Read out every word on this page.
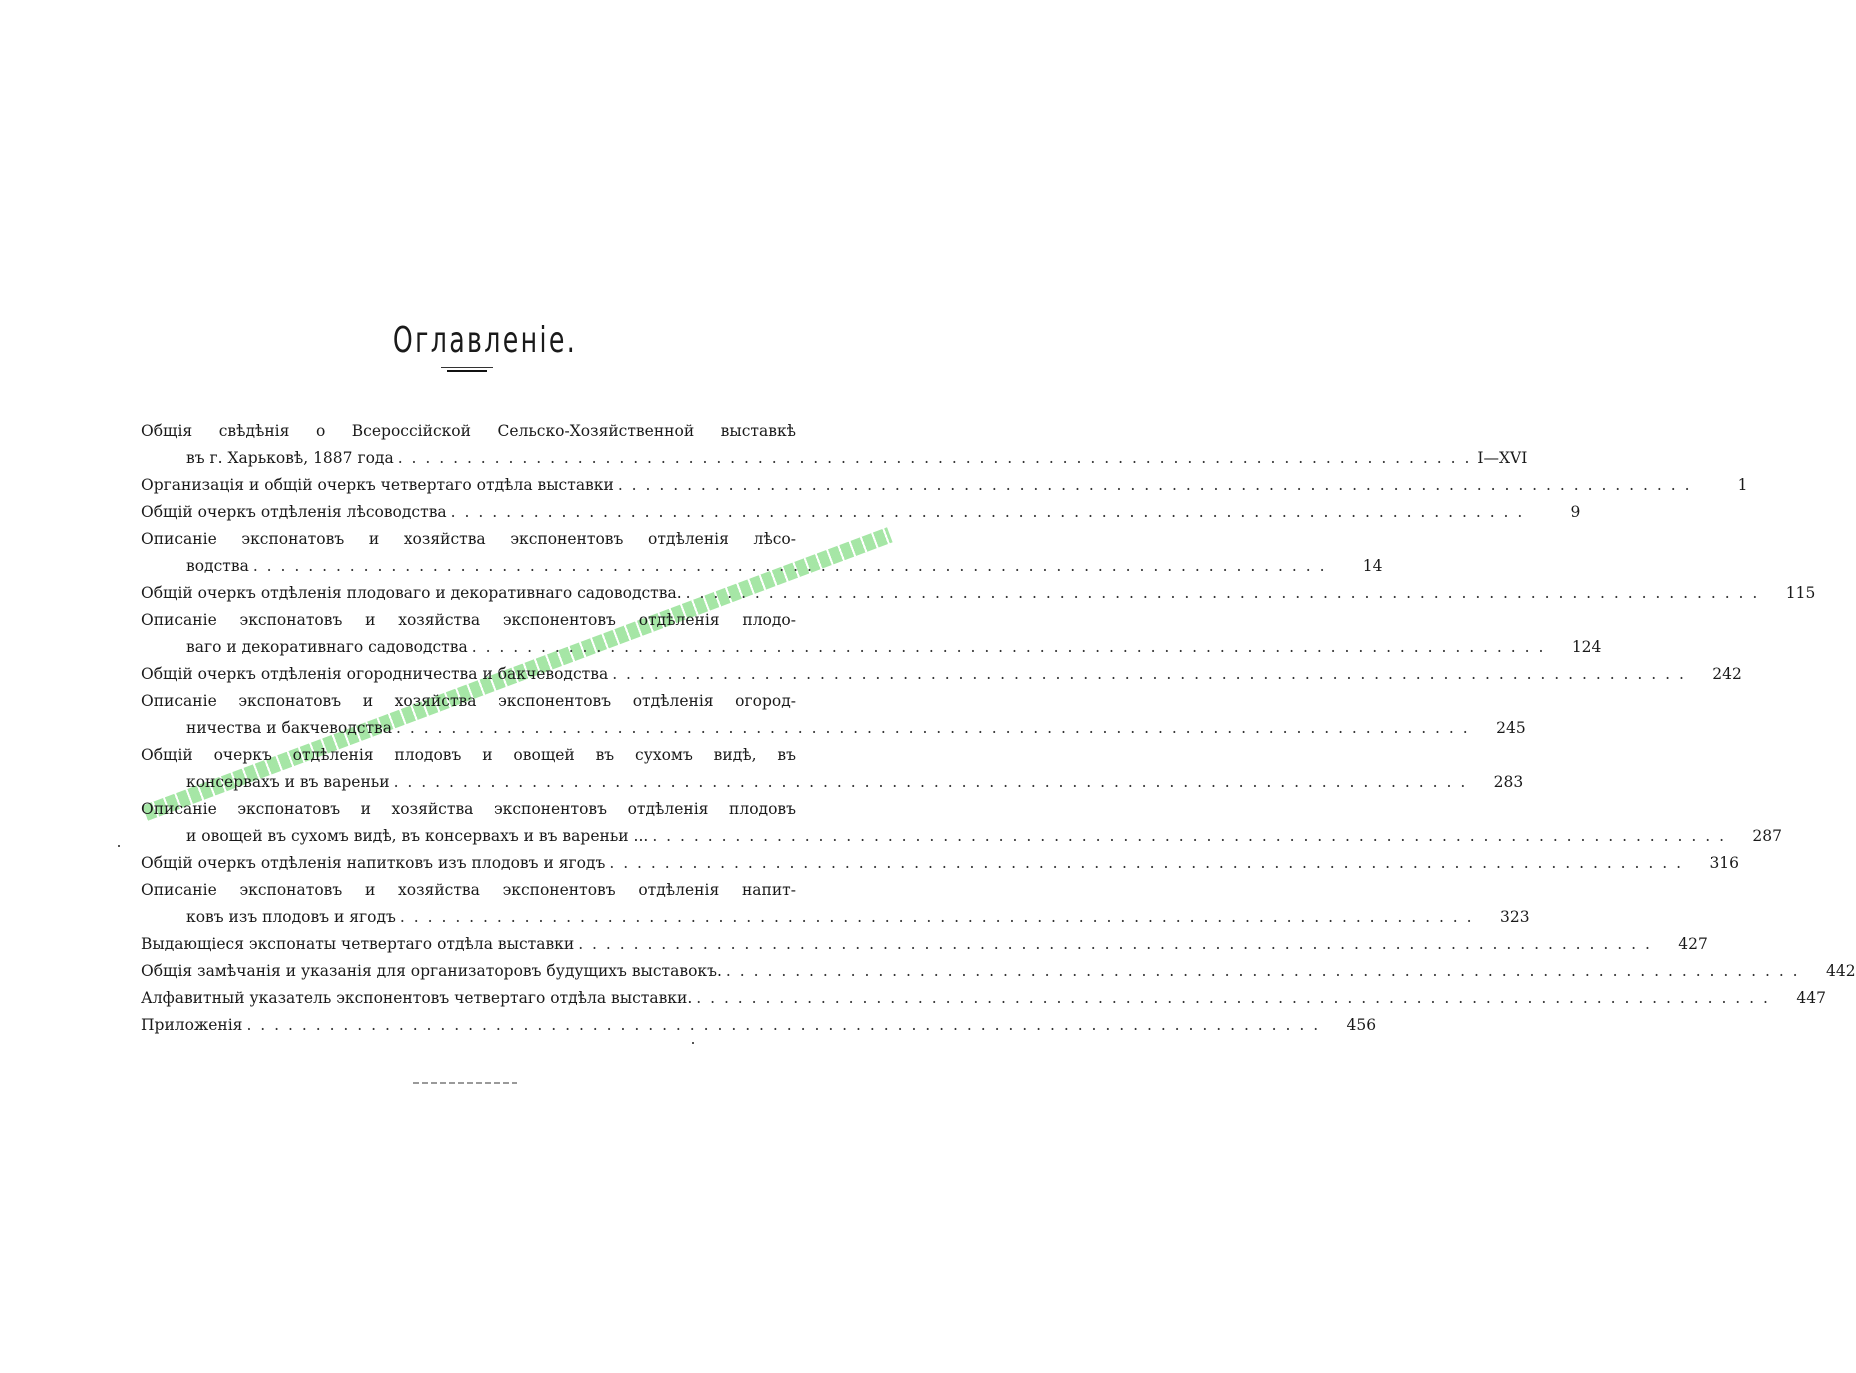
Оглавленіе.
Общія свѣдѣнія о Всероссійской Сельско-Хозяйственной выставкѣ
въ г. Харьковѣ, 1887 года . . . . . . . . . . . . . . . . . . . . . . . . . . . . . . . . . . . . . . . . . . . . . . . . . . . . . . . . . . . . . . . . . . . . . . . . . . . . . . I—XVI
Организація и общій очеркъ четвертаго отдѣла выставки . . . . . . . . . . . . . . . . . . . . . . . . . . . . . . . . . . . . . . . . . . . . . . . . . . . . . . . . . . . . . . . . . . . . . . . . . . . . . .	1
Общій очеркъ отдѣленія лѣсоводства . . . . . . . . . . . . . . . . . . . . . . . . . . . . . . . . . . . . . . . . . . . . . . . . . . . . . . . . . . . . . . . . . . . . . . . . . . . . . .	9
Описаніе экспонатовъ и хозяйства экспонентовъ отдѣленія лѣсо-
водства . . . . . . . . . . . . . . . . . . . . . . . . . . . . . . . . . . . . . . . . . . . . . . . . . . . . . . . . . . . . . . . . . . . . . . . . . . . . . .	14
Общій очеркъ отдѣленія плодоваго и декоративнаго садоводства. . . . . . . . . . . . . . . . . . . . . . . . . . . . . . . . . . . . . . . . . . . . . . . . . . . . . . . . . . . . . . . . . . . . . . . . . . . . . . .	115
Описаніе экспонатовъ и хозяйства экспонентовъ отдѣленія плодо-
ваго и декоративнаго садоводства . . . . . . . . . . . . . . . . . . . . . . . . . . . . . . . . . . . . . . . . . . . . . . . . . . . . . . . . . . . . . . . . . . . . . . . . . . . . . .	124
Общій очеркъ отдѣленія огородничества и бакчеводства . . . . . . . . . . . . . . . . . . . . . . . . . . . . . . . . . . . . . . . . . . . . . . . . . . . . . . . . . . . . . . . . . . . . . . . . . . . . . .	242
Описаніе экспонатовъ и хозяйства экспонентовъ отдѣленія огород-
ничества и бакчеводства . . . . . . . . . . . . . . . . . . . . . . . . . . . . . . . . . . . . . . . . . . . . . . . . . . . . . . . . . . . . . . . . . . . . . . . . . . . . . .	245
Общій очеркъ отдѣленія плодовъ и овощей въ сухомъ видѣ, въ
консервахъ и въ вареньи . . . . . . . . . . . . . . . . . . . . . . . . . . . . . . . . . . . . . . . . . . . . . . . . . . . . . . . . . . . . . . . . . . . . . . . . . . . . . .	283
Описаніе экспонатовъ и хозяйства экспонентовъ отдѣленія плодовъ
и овощей въ сухомъ видѣ, въ консервахъ и въ вареньи ... . . . . . . . . . . . . . . . . . . . . . . . . . . . . . . . . . . . . . . . . . . . . . . . . . . . . . . . . . . . . . . . . . . . . . . . . . . . . . .	287
Общій очеркъ отдѣленія напитковъ изъ плодовъ и ягодъ . . . . . . . . . . . . . . . . . . . . . . . . . . . . . . . . . . . . . . . . . . . . . . . . . . . . . . . . . . . . . . . . . . . . . . . . . . . . . .	316
Описаніе экспонатовъ и хозяйства экспонентовъ отдѣленія напит-
ковъ изъ плодовъ и ягодъ . . . . . . . . . . . . . . . . . . . . . . . . . . . . . . . . . . . . . . . . . . . . . . . . . . . . . . . . . . . . . . . . . . . . . . . . . . . . . .	323
Выдающіеся экспонаты четвертаго отдѣла выставки . . . . . . . . . . . . . . . . . . . . . . . . . . . . . . . . . . . . . . . . . . . . . . . . . . . . . . . . . . . . . . . . . . . . . . . . . . . . . .	427
Общія замѣчанія и указанія для организаторовъ будущихъ выставокъ. . . . . . . . . . . . . . . . . . . . . . . . . . . . . . . . . . . . . . . . . . . . . . . . . . . . . . . . . . . . . . . . . . . . . . . . . . . . . . .	442
Алфавитный указатель экспонентовъ четвертаго отдѣла выставки. . . . . . . . . . . . . . . . . . . . . . . . . . . . . . . . . . . . . . . . . . . . . . . . . . . . . . . . . . . . . . . . . . . . . . . . . . . . . . .	447
Приложенія . . . . . . . . . . . . . . . . . . . . . . . . . . . . . . . . . . . . . . . . . . . . . . . . . . . . . . . . . . . . . . . . . . . . . . . . . . . . . .	456
